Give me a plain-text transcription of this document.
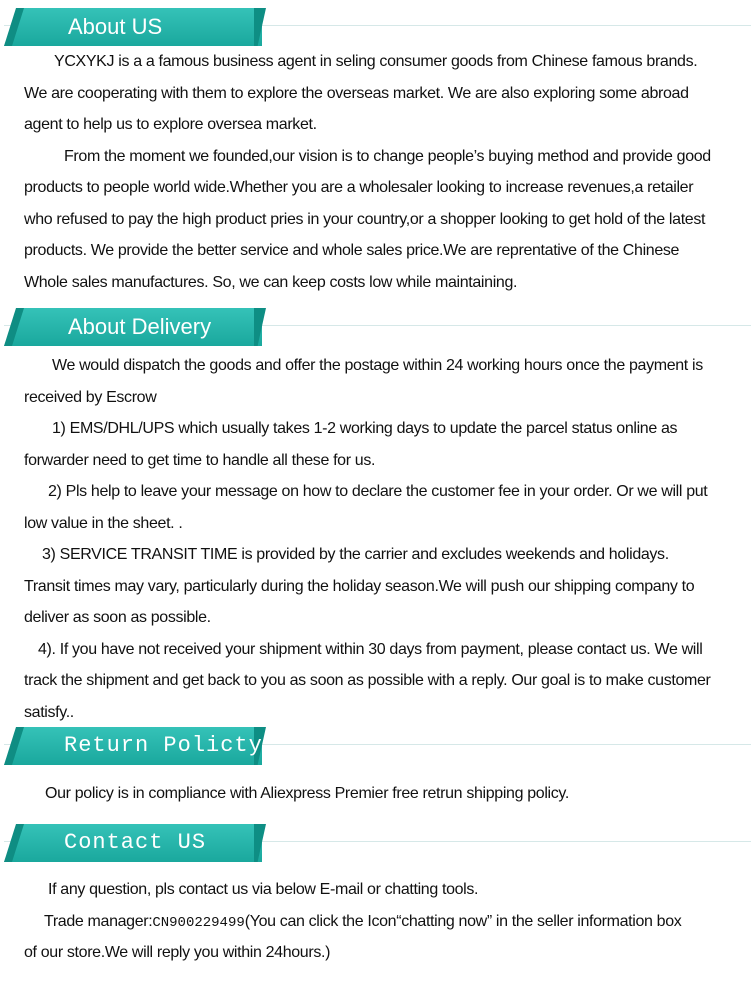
About US
YCXYKJ is a a famous business agent in seling consumer goods from Chinese famous brands.
We are cooperating with them to explore the overseas market. We are also exploring some abroad
agent to help us to explore oversea market.
From the moment we founded,our vision is to change people’s buying method and provide good
products to people world wide.Whether you are a wholesaler looking to increase revenues,a retailer
who refused to pay the high product pries in your country,or a shopper looking to get hold of the latest
products. We provide the better service and whole sales price.We are reprentative of the Chinese
Whole sales manufactures. So, we can keep costs low while maintaining.
About Delivery
We would dispatch the goods and offer the postage within 24 working hours once the payment is
received by Escrow
1) EMS/DHL/UPS which usually takes 1-2 working days to update the parcel status online as
forwarder need to get time to handle all these for us.
2) Pls help to leave your message on how to declare the customer fee in your order. Or we will put
low value in the sheet. .
3) SERVICE TRANSIT TIME is provided by the carrier and excludes weekends and holidays.
Transit times may vary, particularly during the holiday season.We will push our shipping company to
deliver as soon as possible.
4). If you have not received your shipment within 30 days from payment, please contact us. We will
track the shipment and get back to you as soon as possible with a reply. Our goal is to make customer
satisfy..
Return Policty
Our policy is in compliance with Aliexpress Premier free retrun shipping policy.
Contact US
If any question, pls contact us via below E-mail or chatting tools.
Trade manager:CN900229499(You can click the Icon“chatting now” in the seller information box
of our store.We will reply you within 24hours.)
